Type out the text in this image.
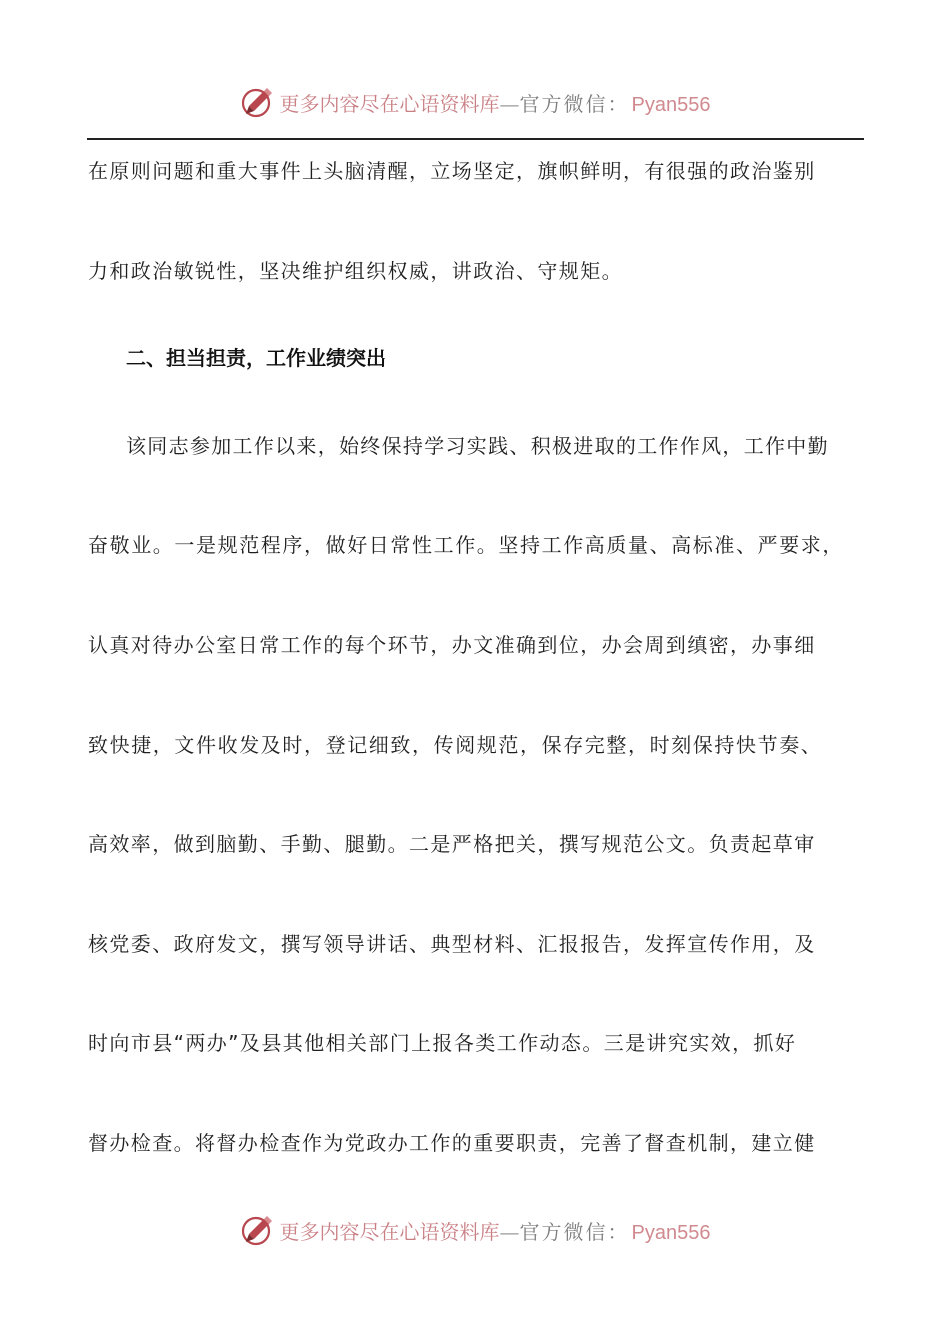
更多内容尽在心语资料库 — 官方微信： Pyan556
在原则问题和重大事件上头脑清醒，立场坚定，旗帜鲜明，有很强的政治鉴别
力和政治敏锐性，坚决维护组织权威，讲政治、守规矩。
二、担当担责，工作业绩突出
该同志参加工作以来，始终保持学习实践、积极进取的工作作风，工作中勤
奋敬业。一是规范程序，做好日常性工作。坚持工作高质量、高标准、严要求，
认真对待办公室日常工作的每个环节，办文准确到位，办会周到缜密，办事细
致快捷，文件收发及时，登记细致，传阅规范，保存完整，时刻保持快节奏、
高效率，做到脑勤、手勤、腿勤。二是严格把关，撰写规范公文。负责起草审
核党委、政府发文，撰写领导讲话、典型材料、汇报报告，发挥宣传作用，及
时向市县“两办”及县其他相关部门上报各类工作动态。三是讲究实效，抓好
督办检查。将督办检查作为党政办工作的重要职责，完善了督查机制，建立健
更多内容尽在心语资料库 — 官方微信： Pyan556
